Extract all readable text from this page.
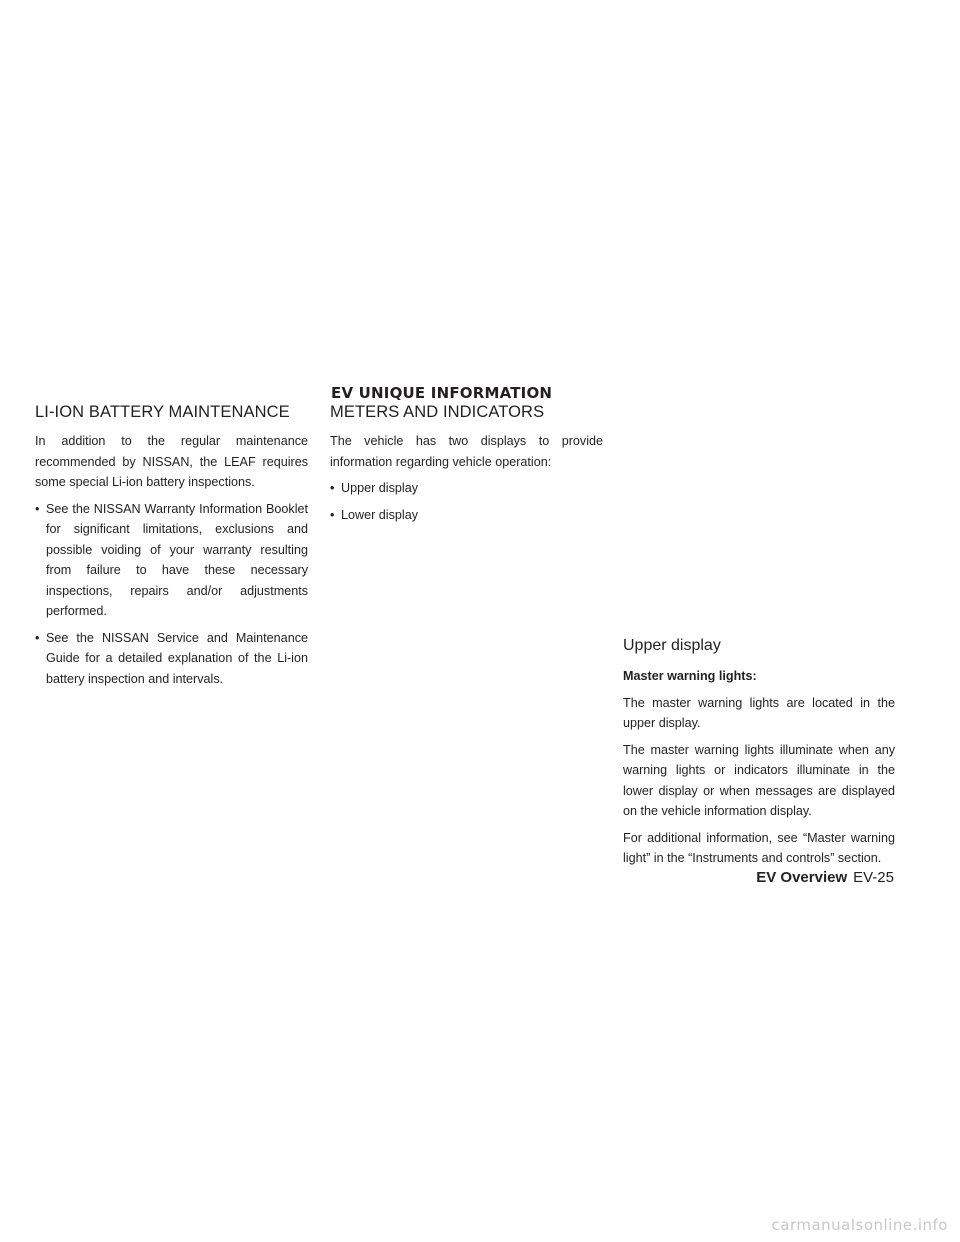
EV UNIQUE INFORMATION
LI-ION BATTERY MAINTENANCE

In addition to the regular maintenance recommended by NISSAN, the LEAF requires some special Li-ion battery inspections.

• See the NISSAN Warranty Information Booklet for significant limitations, exclusions and possible voiding of your warranty resulting from failure to have these necessary inspections, repairs and/or adjustments performed.
• See the NISSAN Service and Maintenance Guide for a detailed explanation of the Li-ion battery inspection and intervals.
METERS AND INDICATORS

The vehicle has two displays to provide information regarding vehicle operation:

• Upper display
• Lower display
Upper display

Master warning lights:

The master warning lights are located in the upper display.

The master warning lights illuminate when any warning lights or indicators illuminate in the lower display or when messages are displayed on the vehicle information display.

For additional information, see “Master warning light” in the “Instruments and controls” section.

EV Overview EV-25
carmanualsonline.info
